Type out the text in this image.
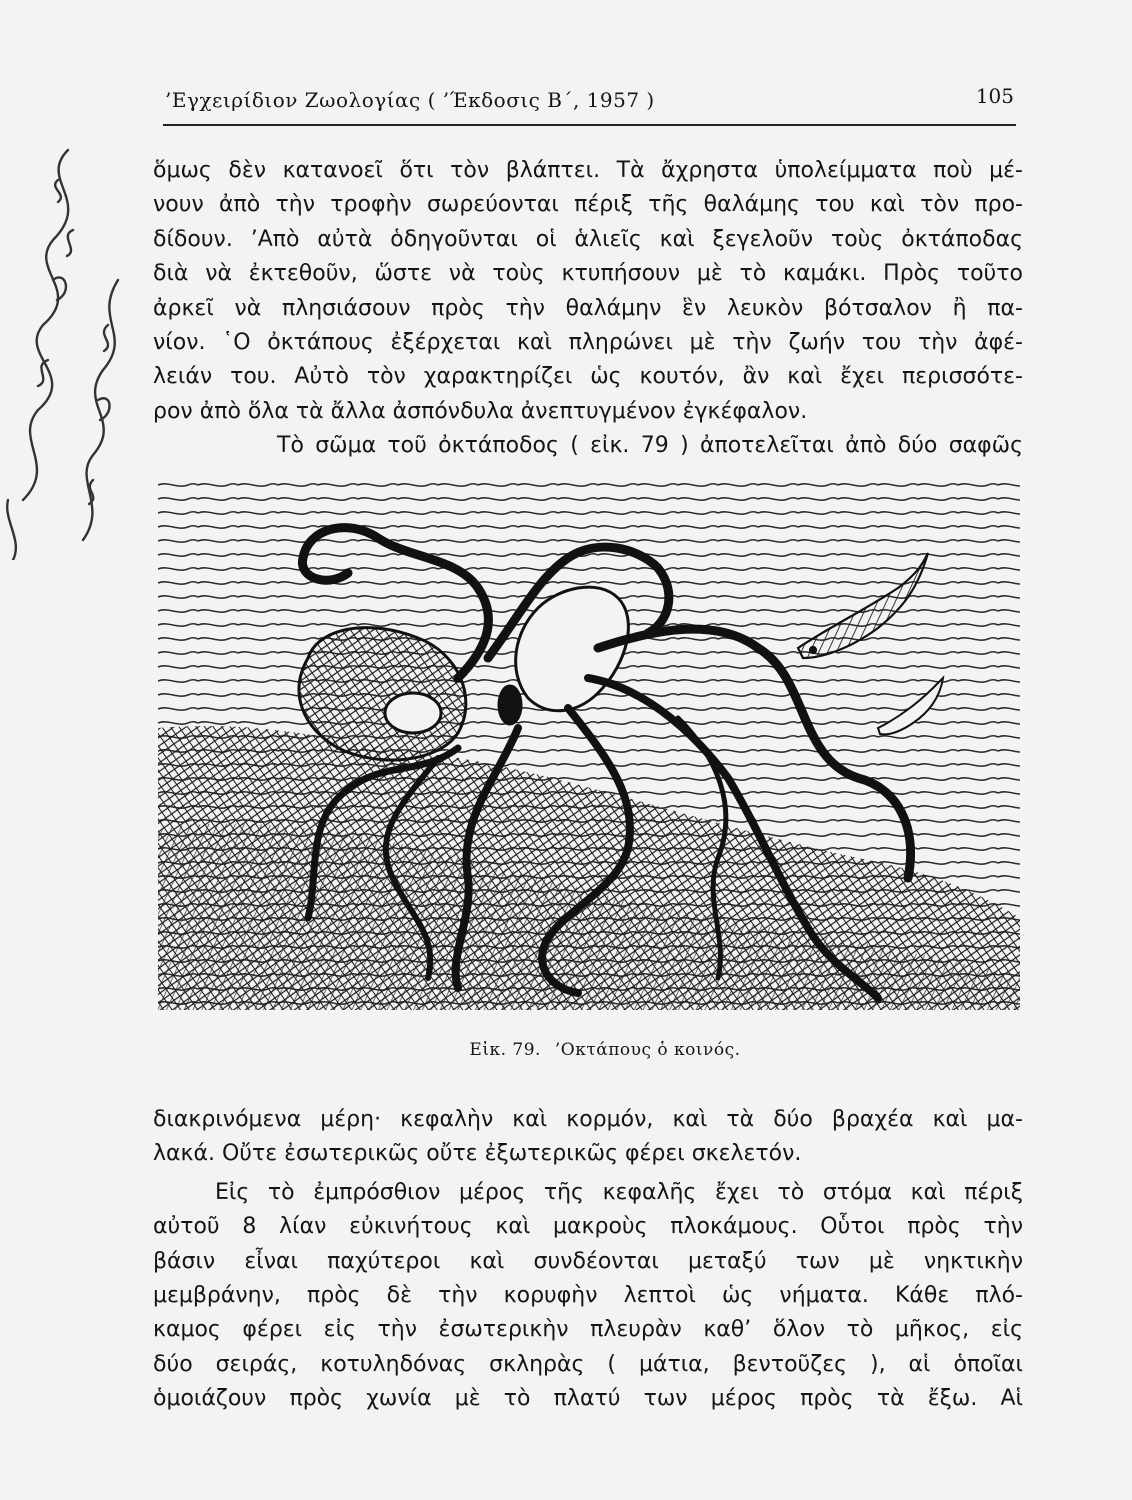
’Εγχειρίδιον Ζωολογίας ( ’Έκδοσις Β΄, 1957 )	105

ὅμως δὲν κατανοεῖ ὅτι τὸν βλάπτει. Τὰ ἄχρηστα ὑπολείμματα ποὺ μέ-
νουν ἀπὸ τὴν τροφὴν σωρεύονται πέριξ τῆς θαλάμης του καὶ τὸν προ-
δίδουν. ’Απὸ αὐτὰ ὁδηγοῦνται οἱ ἁλιεῖς καὶ ξεγελοῦν τοὺς ὀκτάποδας
διὰ νὰ ἐκτεθοῦν, ὥστε νὰ τοὺς κτυπήσουν μὲ τὸ καμάκι. Πρὸς τοῦτο
ἀρκεῖ νὰ πλησιάσουν πρὸς τὴν θαλάμην ἓν λευκὸν βότσαλον ἢ πα-
νίον. ῾Ο ὀκτάπους ἐξέρχεται καὶ πληρώνει μὲ τὴν ζωήν του τὴν ἀφέ-
λειάν του. Αὐτὸ τὸν χαρακτηρίζει ὡς κουτόν, ἂν καὶ ἔχει περισσότε-
ρον ἀπὸ ὅλα τὰ ἄλλα ἀσπόνδυλα ἀνεπτυγμένον ἐγκέφαλον.

Τὸ σῶμα τοῦ ὀκτάποδος ( εἰκ. 79 ) ἀποτελεῖται ἀπὸ δύο σαφῶς

Εἰκ. 79. ’Οκτάπους ὁ κοινός.

διακρινόμενα μέρη· κεφαλὴν καὶ κορμόν, καὶ τὰ δύο βραχέα καὶ μα-
λακά. Οὔτε ἐσωτερικῶς οὔτε ἐξωτερικῶς φέρει σκελετόν.

Εἰς τὸ ἐμπρόσθιον μέρος τῆς κεφαλῆς ἔχει τὸ στόμα καὶ πέριξ
αὐτοῦ 8 λίαν εὐκινήτους καὶ μακροὺς πλοκάμους. Οὗτοι πρὸς τὴν
βάσιν εἶναι παχύτεροι καὶ συνδέονται μεταξύ των μὲ νηκτικὴν
μεμβράνην, πρὸς δὲ τὴν κορυφὴν λεπτοὶ ὡς νήματα. Κάθε πλό-
καμος φέρει εἰς τὴν ἐσωτερικὴν πλευρὰν καθ’ ὅλον τὸ μῆκος, εἰς
δύο σειράς, κοτυληδόνας σκληρὰς ( μάτια, βεντοῦζες ), αἱ ὁποῖαι
ὁμοιάζουν πρὸς χωνία μὲ τὸ πλατύ των μέρος πρὸς τὰ ἔξω. Αἱ
